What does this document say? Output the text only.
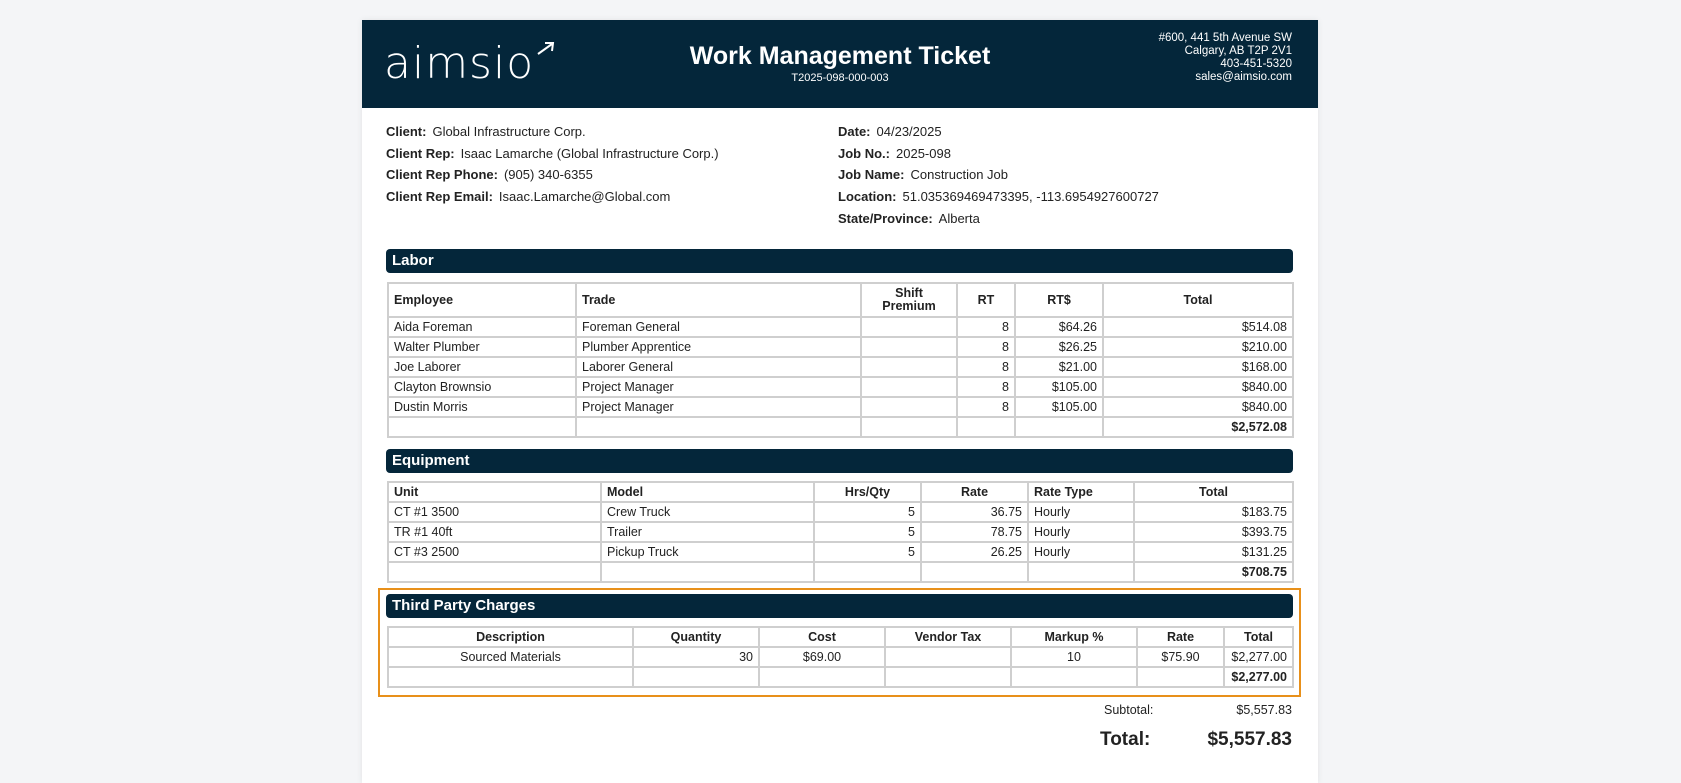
aimsio	Work Management Ticket
T2025-098-000-003
#600, 441 5th Avenue SW
Calgary, AB T2P 2V1
403-451-5320
sales@aimsio.com
Client: Global Infrastructure Corp.
Client Rep: Isaac Lamarche (Global Infrastructure Corp.)
Client Rep Phone: (905) 340-6355
Client Rep Email: Isaac.Lamarche@Global.com
Date: 04/23/2025
Job No.: 2025-098
Job Name: Construction Job
Location: 51.035369469473395, -113.6954927600727
State/Province: Alberta
Labor
Employee	Trade	Shift Premium	RT	RT$	Total
Aida Foreman	Foreman General		8	$64.26	$514.08
Walter Plumber	Plumber Apprentice		8	$26.25	$210.00
Joe Laborer	Laborer General		8	$21.00	$168.00
Clayton Brownsio	Project Manager		8	$105.00	$840.00
Dustin Morris	Project Manager		8	$105.00	$840.00
					$2,572.08
Equipment
Unit	Model	Hrs/Qty	Rate	Rate Type	Total
CT #1 3500	Crew Truck	5	36.75	Hourly	$183.75
TR #1 40ft	Trailer	5	78.75	Hourly	$393.75
CT #3 2500	Pickup Truck	5	26.25	Hourly	$131.25
					$708.75
Third Party Charges
Description	Quantity	Cost	Vendor Tax	Markup %	Rate	Total
Sourced Materials	30	$69.00		10	$75.90	$2,277.00
						$2,277.00
Subtotal:	$5,557.83
Total:	$5,557.83
